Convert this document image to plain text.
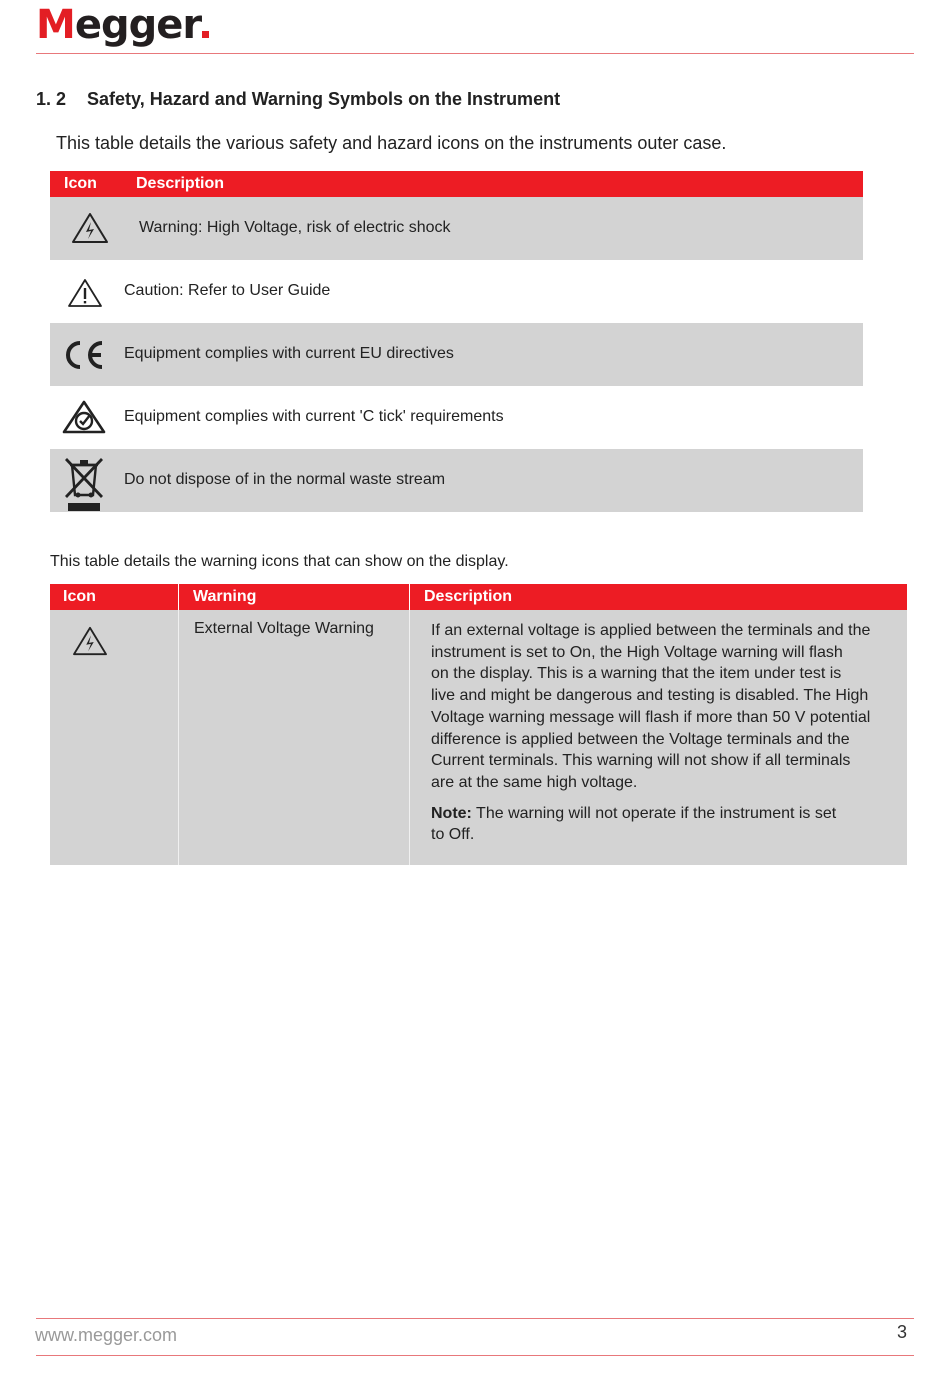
Megger
1. 2 Safety, Hazard and Warning Symbols on the Instrument
This table details the various safety and hazard icons on the instruments outer case.
Icon Description
Warning: High Voltage, risk of electric shock
Caution: Refer to User Guide
Equipment complies with current EU directives
Equipment complies with current 'C tick' requirements
Do not dispose of in the normal waste stream
This table details the warning icons that can show on the display.
Icon	Warning	Description
External Voltage Warning	If an external voltage is applied between the terminals and the
instrument is set to On, the High Voltage warning will flash
on the display. This is a warning that the item under test is
live and might be dangerous and testing is disabled. The High
Voltage warning message will flash if more than 50 V potential
difference is applied between the Voltage terminals and the
Current terminals. This warning will not show if all terminals
are at the same high voltage.

Note: The warning will not operate if the instrument is set
to Off.

www.megger.com	3
